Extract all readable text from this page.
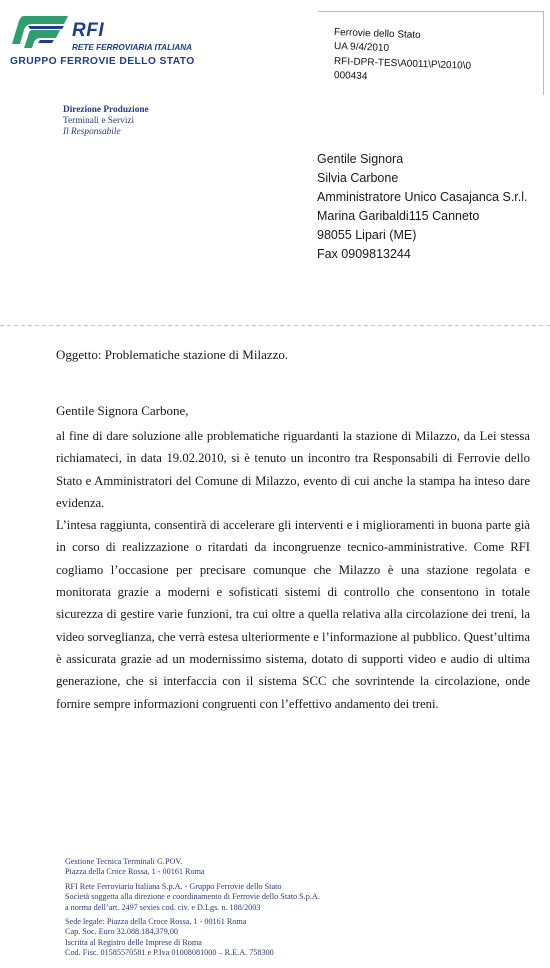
RFI
RETE FERROVIARIA ITALIANA
GRUPPO FERROVIE DELLO STATO
Ferrovie dello Stato
UA 9/4/2010
RFI-DPR-TES\A0011\P\2010\0
000434
Direzione Produzione
Terminali e Servizi
Il Responsabile
Gentile Signora
Silvia Carbone
Amministratore Unico Casajanca S.r.l.
Marina Garibaldi115 Canneto
98055 Lipari (ME)
Fax 0909813244
Oggetto: Problematiche stazione di Milazzo.
Gentile Signora Carbone,
al fine di dare soluzione alle problematiche riguardanti la stazione di Milazzo, da Lei stessa richiamateci, in data 19.02.2010, si è tenuto un incontro tra Responsabili di Ferrovie dello Stato e Amministratori del Comune di Milazzo, evento di cui anche la stampa ha inteso dare evidenza.
L’intesa raggiunta, consentirà di accelerare gli interventi e i miglioramenti in buona parte già in corso di realizzazione o ritardati da incongruenze tecnico-amministrative. Come RFI cogliamo l’occasione per precisare comunque che Milazzo è una stazione regolata e monitorata grazie a moderni e sofisticati sistemi di controllo che consentono in totale sicurezza di gestire varie funzioni, tra cui oltre a quella relativa alla circolazione dei treni, la video sorveglianza, che verrà estesa ulteriormente e l’informazione al pubblico. Quest’ultima è assicurata grazie ad un modernissimo sistema, dotato di supporti video e audio di ultima generazione, che si interfaccia con il sistema SCC che sovrintende la circolazione, onde fornire sempre informazioni congruenti con l’effettivo andamento dei treni.
Gestione Tecnica Terminali G.POV.
Piazza della Croce Rossa, 1 - 00161 Roma
RFI Rete Ferroviaria Italiana S.p.A. - Gruppo Ferrovie dello Stato
Società soggetta alla direzione e coordinamento di Ferrovie dello Stato S.p.A.
a norma dell’art. 2497 sexies cod. civ. e D.Lgs. n. 188/2003
Sede legale: Piazza della Croce Rossa, 1 - 00161 Roma
Cap. Soc. Euro 32.088.184.379,00
Iscritta al Registro delle Imprese di Roma
Cod. Fisc. 01585570581 e P.Iva 01008081000 – R.E.A. 758300
